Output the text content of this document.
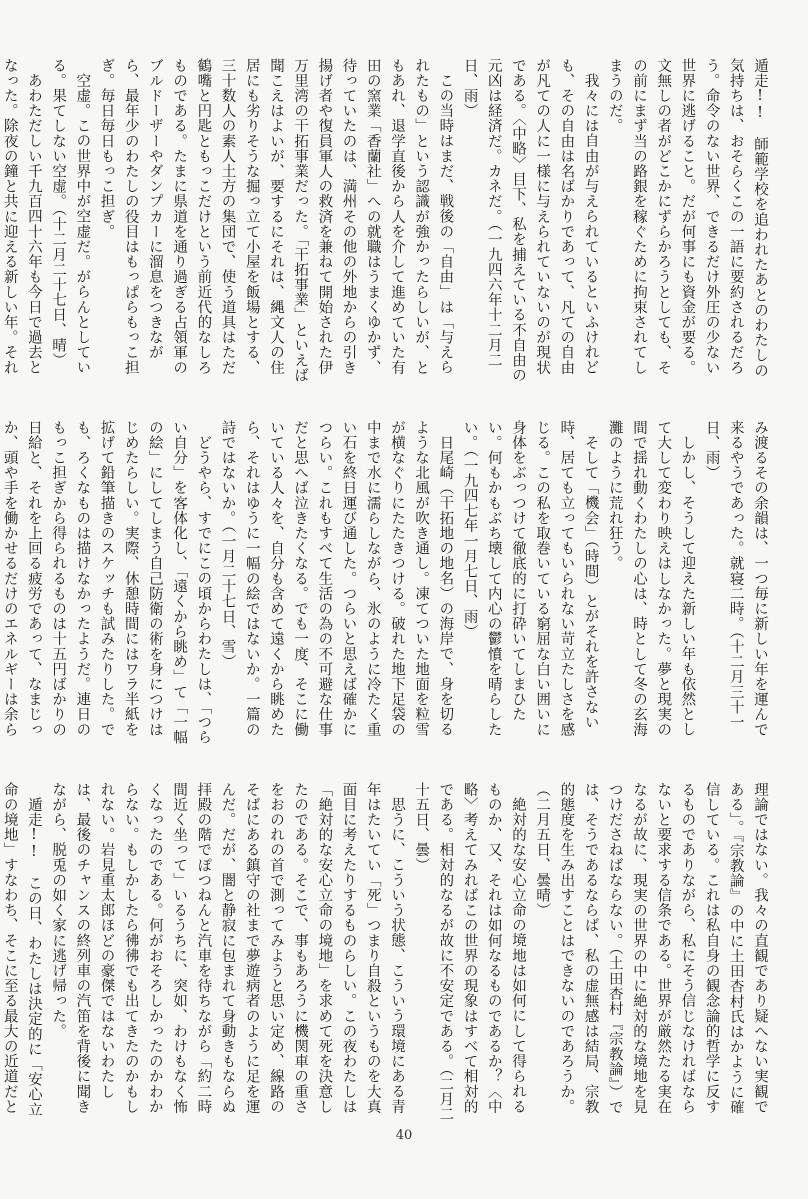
遁走!!　師範学校を追われたあとのわたしの気持ちは、おそらくこの一語に要約されるだろう。命令のない世界、できるだけ外圧の少ない世界に逃げること。だが何事にも資金が要る。文無しの者がどこかにずらかろうとしても、その前にまず当の路銀を稼ぐために拘束されてしまうのだ。

我々には自由が与えられているといふけれども、その自由は名ばかりであって、凡ての自由が凡ての人に一様に与えられていないのが現状である。〈中略〉目下、私を捕えている不自由の元凶は経済だ。カネだ。（一九四六年十二月二日、雨）

この当時はまだ、戦後の「自由」は「与えられたもの」という認識が強かったらしいが、ともあれ、退学直後から人を介して進めていた有田の窯業「香蘭社」への就職はうまくゆかず、待っていたのは、満州その他の外地からの引き揚げ者や復員軍人の救済を兼ねて開始された伊万里湾の干拓事業だった。「干拓事業」といえば聞こえはよいが、要するにそれは、縄文人の住居にも劣りそうな掘っ立て小屋を飯場とする、三十数人の素人土方の集団で、使う道具はただ鶴嘴と円匙ともっこだけという前近代的なしろものである。たまに県道を通り過ぎる占領軍のブルドーザーやダンプカーに溜息をつきながら、最年少のわたしの役目はもっぱらもっこ担ぎ。毎日毎日もっこ担ぎ。

空虚。この世界中が空虚だ。がらんとしている。果てしない空虚。（十二月二十七日、晴）

あわただしい千九百四十六年も今日で過去となった。除夜の鐘と共に迎える新しい年。それ

み渡るその余韻は、一つ毎に新しい年を運んで来るやうであった。就寝二時。（十二月三十一日、雨）

しかし、そうして迎えた新しい年も依然として大して変わり映えはしなかった。夢と現実の間で揺れ動くわたしの心は、時として冬の玄海灘のように荒れ狂う。

そして「機会」（時間）とがそれを許さない時、居ても立ってもいられない苛立たしさを感じる。この私を取巻いている窮屈な白い囲いに身体をぶっつけて徹底的に打砕いてしまひたい。何もかもぶち壊して内心の鬱憤を晴らしたい。（一九四七年一月七日、雨）

日尾崎（干拓地の地名）の海岸で、身を切るような北風が吹き通し。凍てついた地面を粒雪が横なぐりにたたきつける。破れた地下足袋の中まで水に濡らしながら、氷のように冷たく重い石を終日運び通した。つらいと思えば確かにつらい。これもすべて生活の為の不可避な仕事だと思へば泣きたくなる。でも一度、そこに働いている人々を、自分も含めて遠くから眺めたら、それはゆうに一幅の絵ではないか。一篇の詩ではないか。（一月二十七日、雪）

どうやら、すでにこの頃からわたしは、「つらい自分」を客体化し、「遠くから眺め」て「一幅の絵」にしてしまう自己防衛の術を身につけはじめたらしい。実際、休憩時間にはワラ半紙を拡げて鉛筆描きのスケッチも試みたりした。でも、ろくなものは描けなかったようだ。連日のもっこ担ぎから得られるものは十五円ばかりの日給と、それを上回る疲労であって、なまじっか、頭や手を働かせるだけのエネルギーは余ら

理論ではない。我々の直観であり疑へない実観である」。『宗教論』の中に土田杏村氏はかように確信している。これは私自身の観念論的哲学に反するものでありながら、私にそう信じなければならないと要求する信条である。世界が厳然たる実在なるが故に、現実の世界の中に絶対的な境地を見つけださねばならない。（土田杏村『宗教論』）では、そうであるならば、私の虚無感は結局、宗教的態度を生み出すことはできないのであろうか。（二月五日、曇晴）

絶対的な安心立命の境地は如何にして得られるものか、又、それは如何なるものであるか？〈中略〉考えてみればこの世界の現象はすべて相対的である。相対的なるが故に不安定である。（二月二十五日、曇）

思うに、こういう状態、こういう環境にある青年はたいてい「死」つまり自殺というものを大真面目に考えたりするものらしい。この夜わたしは「絶対的な安心立命の境地」を求めて死を決意したのである。そこで、事もあろうに機関車の重さをおのれの首で測ってみようと思い定め、線路のそばにある鎮守の社まで夢遊病者のように足を運んだ。だが、闇と静寂に包まれて身動きもならぬ拝殿の階でぽつねんと汽車を待ちながら「約二時間近く坐って」いるうちに、突如、わけもなく怖くなったのである。何がおそろしかったのかわからない。もしかしたら彿彿でも出てきたのかもしれない。岩見重太郎ほどの豪傑ではないわたしは、最後のチャンスの終列車の汽笛を背後に聞きながら、脱兎の如く家に逃げ帰った。

遁走!!　この日、わたしは決定的に「安心立命の境地」すなわち、そこに至る最大の近道だと

40
